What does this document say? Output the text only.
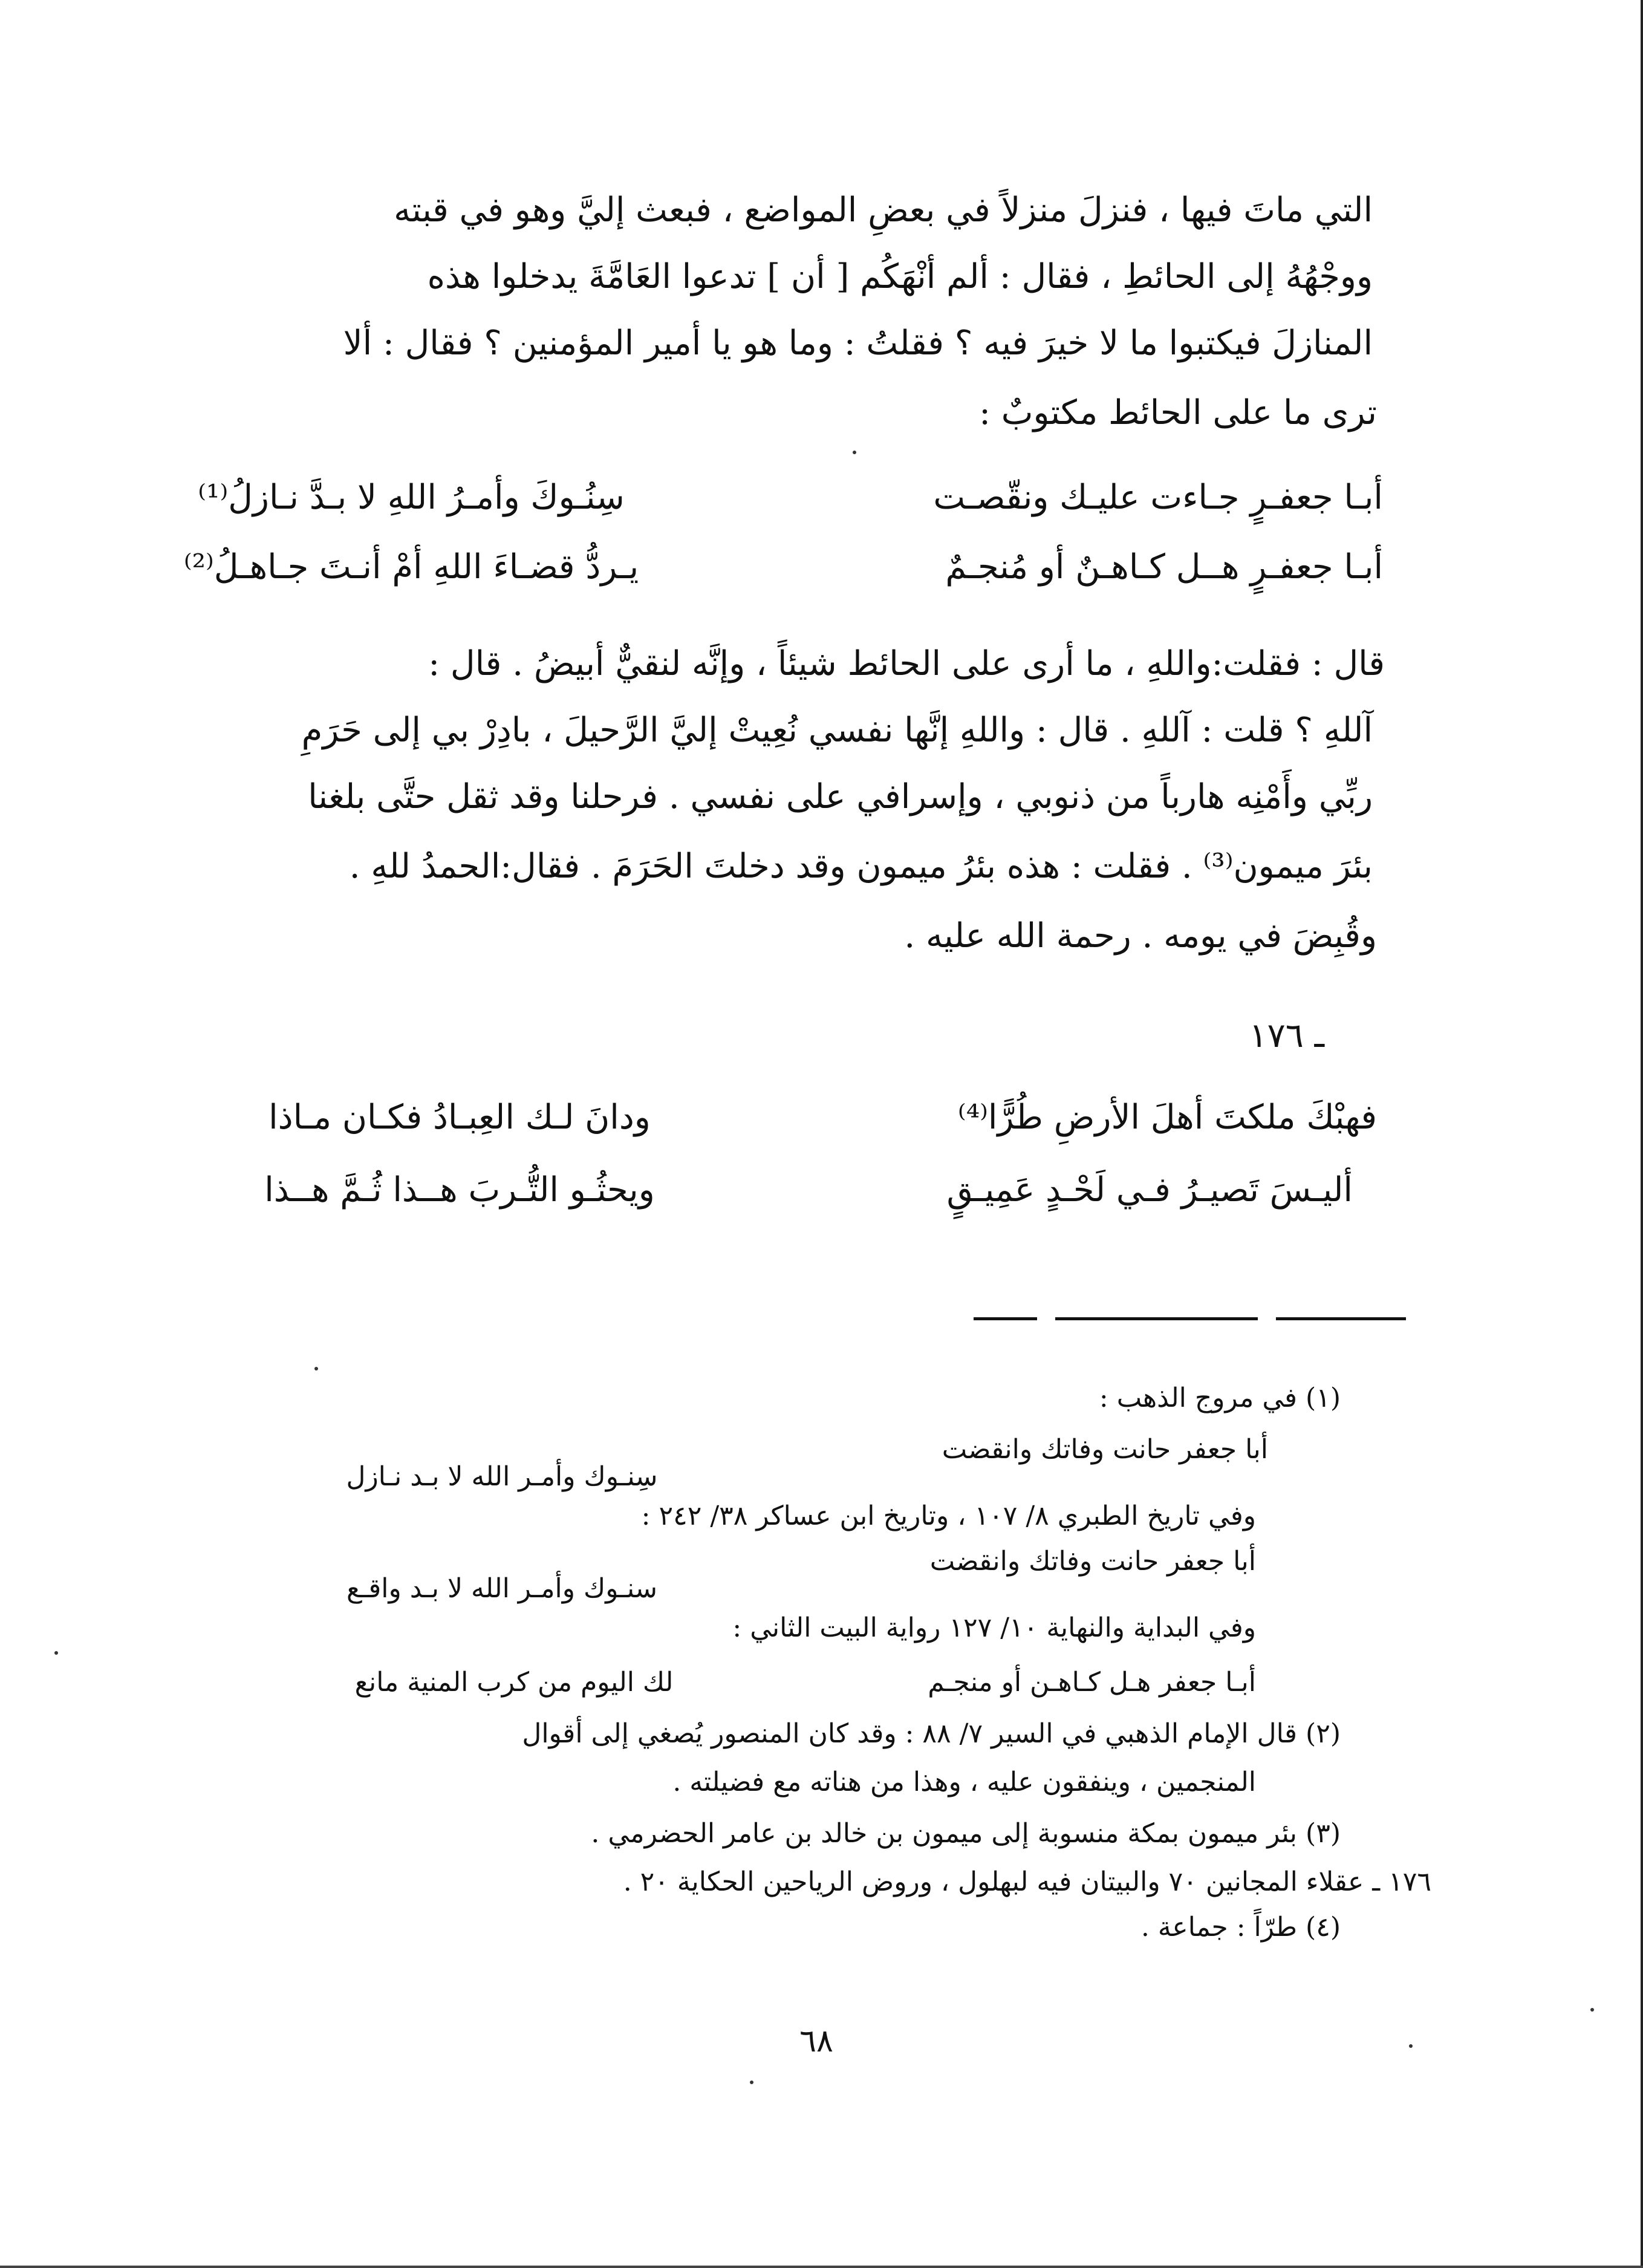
التي ماتَ فيها ، فنزلَ منزلاً في بعضِ المواضع ، فبعث إليَّ وهو في قبته
ووجْهُهُ إلى الحائطِ ، فقال : ألم أنْهَكُم [ أن ] تدعوا العَامَّةَ يدخلوا هذه
المنازلَ فيكتبوا ما لا خيرَ فيه ؟ فقلتُ : وما هو يا أمير المؤمنين ؟ فقال : ألا
ترى ما على الحائط مكتوبٌ :
أبـا جعفـرٍ جـاءت عليـك ونقّصـت
سِنُـوكَ وأمـرُ اللهِ لا بـدَّ نـازلُ⁽¹⁾
أبـا جعفـرٍ هــل كـاهـنٌ أو مُنجـمٌ
يـردُّ قضـاءَ اللهِ أمْ أنـتَ جـاهـلُ⁽²⁾
قال : فقلت:واللهِ ، ما أرى على الحائط شيئاً ، وإنَّه لنقيٌّ أبيضُ . قال :
آللهِ ؟ قلت : آللهِ . قال : واللهِ إنَّها نفسي نُعِيتْ إليَّ الرَّحيلَ ، بادِرْ بي إلى حَرَمِ
ربِّي وأَمْنِه هارباً من ذنوبي ، وإسرافي على نفسي . فرحلنا وقد ثقل حتَّى بلغنا
بئرَ ميمون⁽³⁾ . فقلت : هذه بئرُ ميمون وقد دخلتَ الحَرَمَ . فقال:الحمدُ للهِ .
وقُبِضَ في يومه . رحمة الله عليه .
ـ ١٧٦
فهبْكَ ملكتَ أهلَ الأرضِ طُرًّا⁽⁴⁾
ودانَ لـك العِبـادُ فكـان مـاذا
أليـسَ تَصيـرُ فـي لَحْـدٍ عَمِيـقٍ
ويحثُـو التُّـربَ هــذا ثُـمَّ هــذا
(١) في مروج الذهب :
أبا جعفر حانت وفاتك وانقضت
سِنـوك وأمـر الله لا بـد نـازل
وفي تاريخ الطبري ٨/ ١٠٧ ، وتاريخ ابن عساكر ٣٨/ ٢٤٢ :
أبا جعفر حانت وفاتك وانقضت
سنـوك وأمـر الله لا بـد واقـع
وفي البداية والنهاية ١٠/ ١٢٧ رواية البيت الثاني :
أبـا جعفر هـل كـاهـن أو منجـم
لك اليوم من كرب المنية مانع
(٢) قال الإمام الذهبي في السير ٧/ ٨٨ : وقد كان المنصور يُصغي إلى أقوال
المنجمين ، وينفقون عليه ، وهذا من هناته مع فضيلته .
(٣) بئر ميمون بمكة منسوبة إلى ميمون بن خالد بن عامر الحضرمي .
١٧٦ ـ عقلاء المجانين ٧٠ والبيتان فيه لبهلول ، وروض الرياحين الحكاية ٢٠ .
(٤) طرّاً : جماعة .
٦٨
